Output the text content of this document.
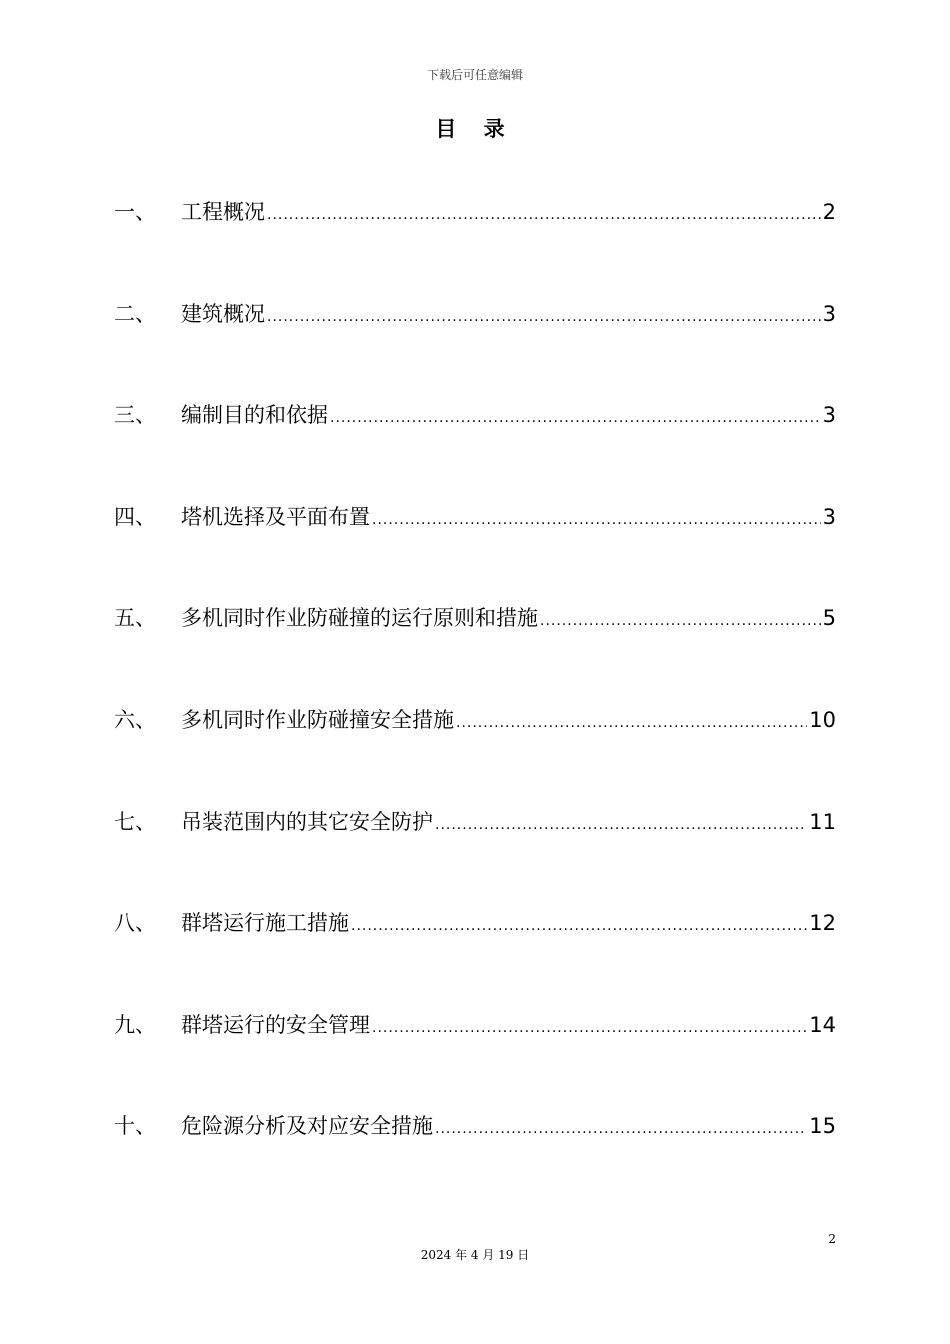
下载后可任意编辑
目 录
一、	工程概况 .....	2
二、	建筑概况 .....	3
三、	编制目的和依据 .....	3
四、	塔机选择及平面布置 .....	3
五、	多机同时作业防碰撞的运行原则和措施 .....	5
六、	多机同时作业防碰撞安全措施 .....	10
七、	吊装范围内的其它安全防护 .....	11
八、	群塔运行施工措施 .....	12
九、	群塔运行的安全管理 .....	14
十、	危险源分析及对应安全措施 .....	15
2
2024 年 4 月 19 日
